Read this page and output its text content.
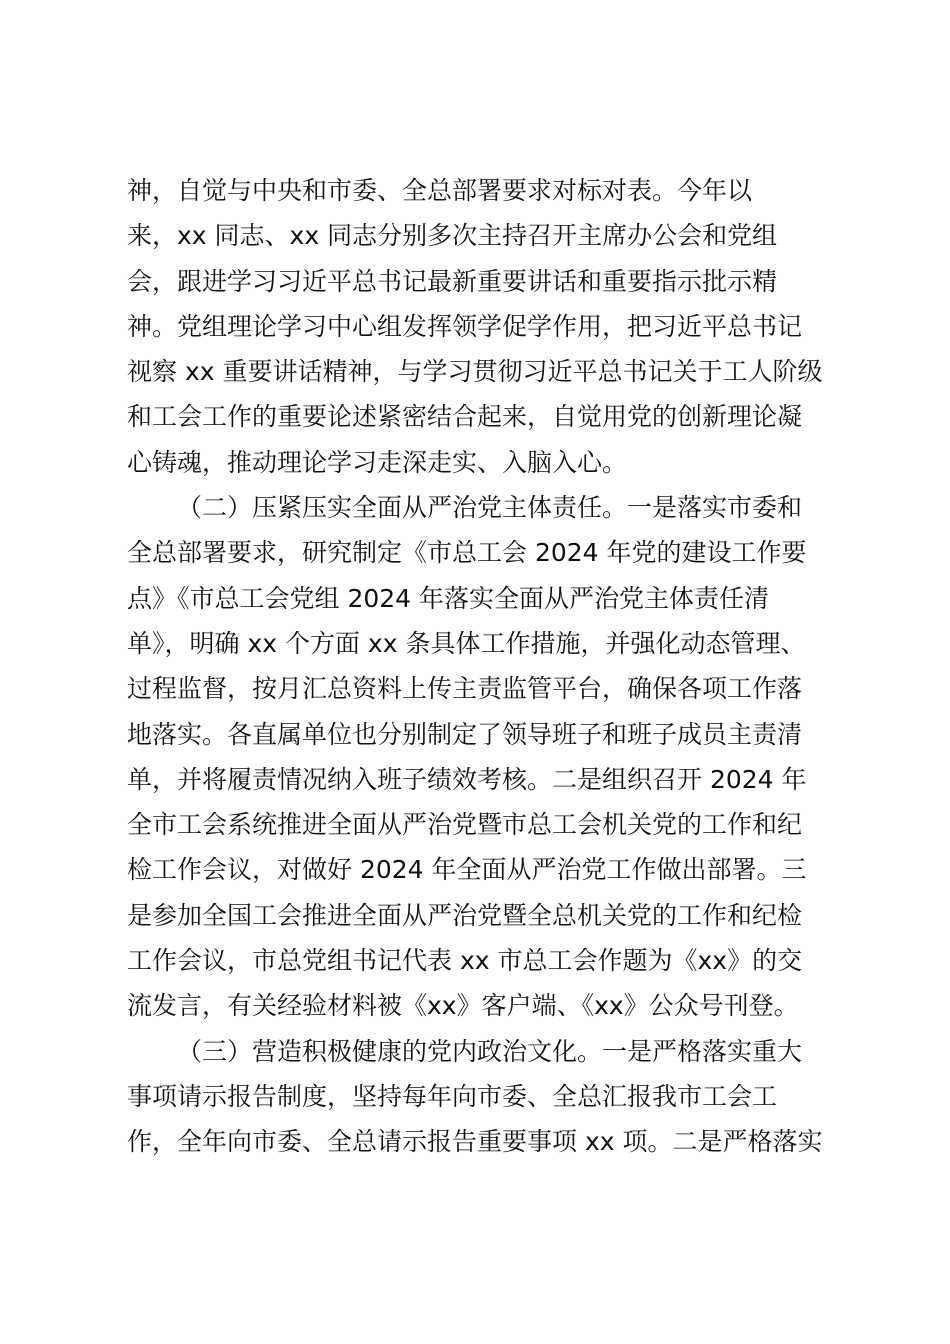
神，自觉与中央和市委、全总部署要求对标对表。今年以
来，xx 同志、xx 同志分别多次主持召开主席办公会和党组
会，跟进学习习近平总书记最新重要讲话和重要指示批示精
神。党组理论学习中心组发挥领学促学作用，把习近平总书记
视察 xx 重要讲话精神，与学习贯彻习近平总书记关于工人阶级
和工会工作的重要论述紧密结合起来，自觉用党的创新理论凝
心铸魂，推动理论学习走深走实、入脑入心。
（二）压紧压实全面从严治党主体责任。一是落实市委和
全总部署要求，研究制定《市总工会 2024 年党的建设工作要
点》《市总工会党组 2024 年落实全面从严治党主体责任清
单》，明确 xx 个方面 xx 条具体工作措施，并强化动态管理、
过程监督，按月汇总资料上传主责监管平台，确保各项工作落
地落实。各直属单位也分别制定了领导班子和班子成员主责清
单，并将履责情况纳入班子绩效考核。二是组织召开 2024 年
全市工会系统推进全面从严治党暨市总工会机关党的工作和纪
检工作会议，对做好 2024 年全面从严治党工作做出部署。三
是参加全国工会推进全面从严治党暨全总机关党的工作和纪检
工作会议，市总党组书记代表 xx 市总工会作题为《xx》的交
流发言，有关经验材料被《xx》客户端、《xx》公众号刊登。
（三）营造积极健康的党内政治文化。一是严格落实重大
事项请示报告制度，坚持每年向市委、全总汇报我市工会工
作，全年向市委、全总请示报告重要事项 xx 项。二是严格落实
